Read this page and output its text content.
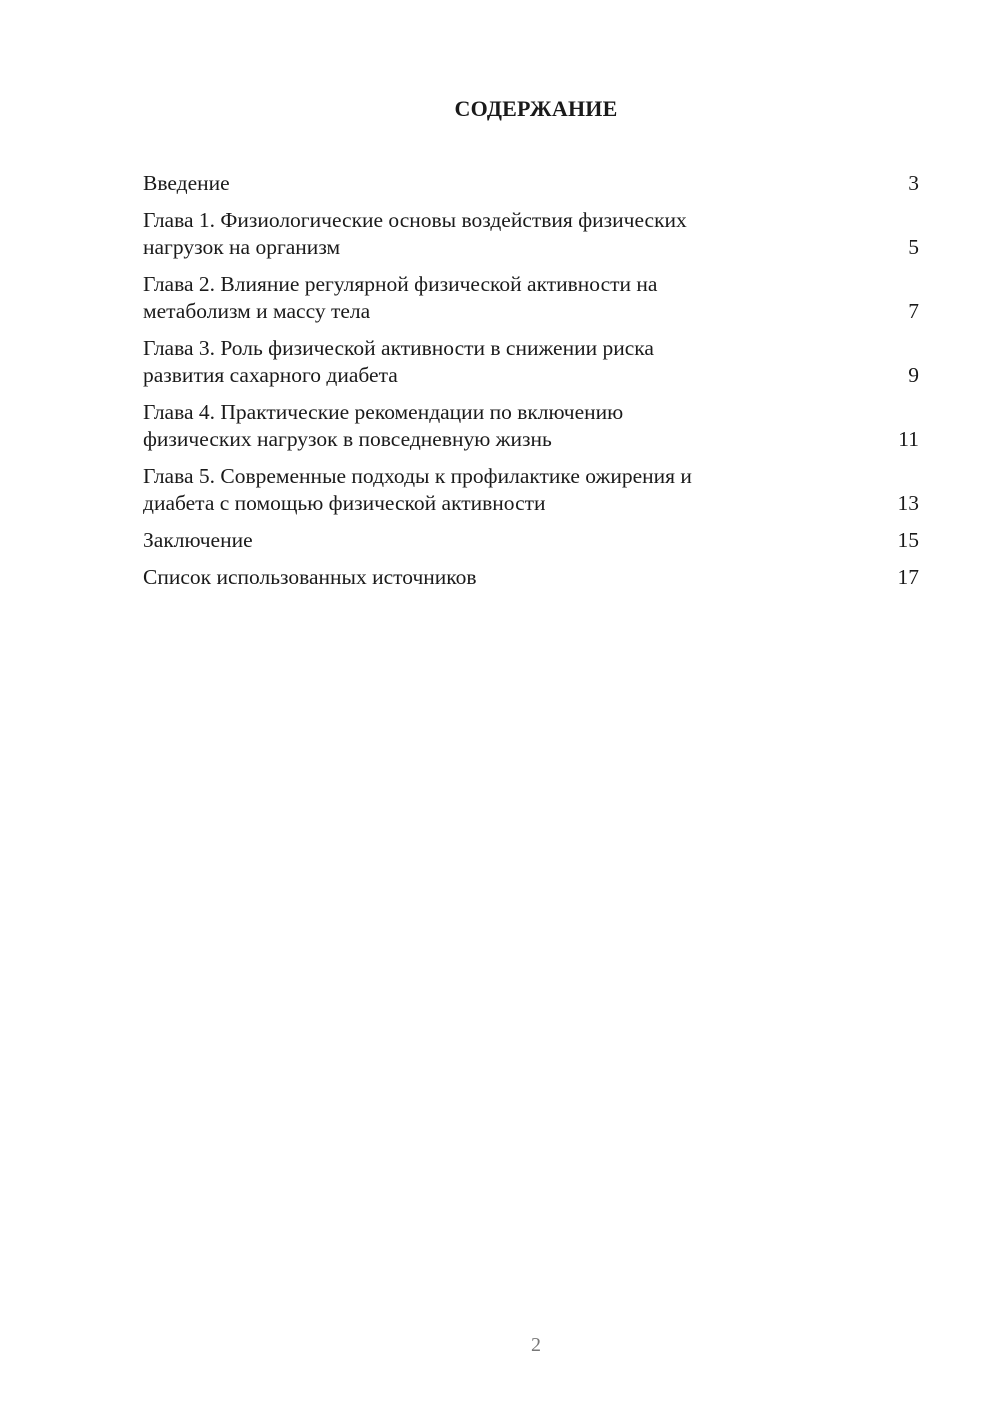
СОДЕРЖАНИЕ
Введение	3
Глава 1. Физиологические основы воздействия физических
нагрузок на организм	5
Глава 2. Влияние регулярной физической активности на
метаболизм и массу тела	7
Глава 3. Роль физической активности в снижении риска
развития сахарного диабета	9
Глава 4. Практические рекомендации по включению
физических нагрузок в повседневную жизнь	11
Глава 5. Современные подходы к профилактике ожирения и
диабета с помощью физической активности	13
Заключение	15
Список использованных источников	17
2
